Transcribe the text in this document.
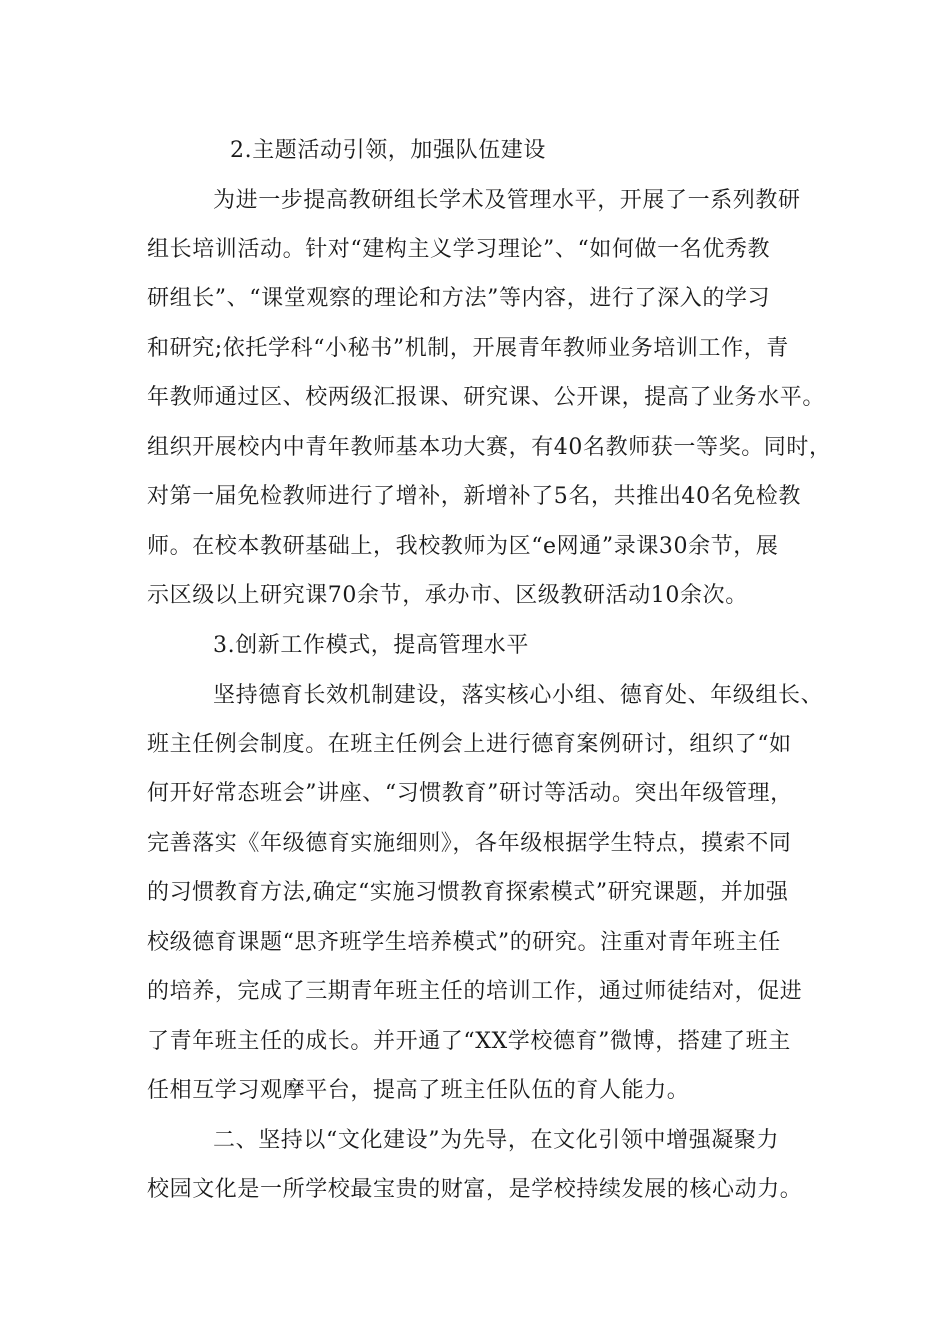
2.主题活动引领，加强队伍建设

为进一步提高教研组长学术及管理水平，开展了一系列教研

组长培训活动。针对“建构主义学习理论”、“如何做一名优秀教

研组长”、“课堂观察的理论和方法”等内容，进行了深入的学习

和研究;依托学科“小秘书”机制，开展青年教师业务培训工作，青

年教师通过区、校两级汇报课、研究课、公开课，提高了业务水平。

组织开展校内中青年教师基本功大赛，有40名教师获一等奖。同时，

对第一届免检教师进行了增补，新增补了5名，共推出40名免检教

师。在校本教研基础上，我校教师为区“e网通”录课30余节，展

示区级以上研究课70余节，承办市、区级教研活动10余次。

3.创新工作模式，提高管理水平

坚持德育长效机制建设，落实核心小组、德育处、年级组长、

班主任例会制度。在班主任例会上进行德育案例研讨，组织了“如

何开好常态班会”讲座、“习惯教育”研讨等活动。突出年级管理，

完善落实《年级德育实施细则》，各年级根据学生特点，摸索不同

的习惯教育方法,确定“实施习惯教育探索模式”研究课题，并加强

校级德育课题“思齐班学生培养模式”的研究。注重对青年班主任

的培养，完成了三期青年班主任的培训工作，通过师徒结对，促进

了青年班主任的成长。并开通了“XX学校德育”微博，搭建了班主

任相互学习观摩平台，提高了班主任队伍的育人能力。

二、坚持以“文化建设”为先导，在文化引领中增强凝聚力

校园文化是一所学校最宝贵的财富，是学校持续发展的核心动力。
